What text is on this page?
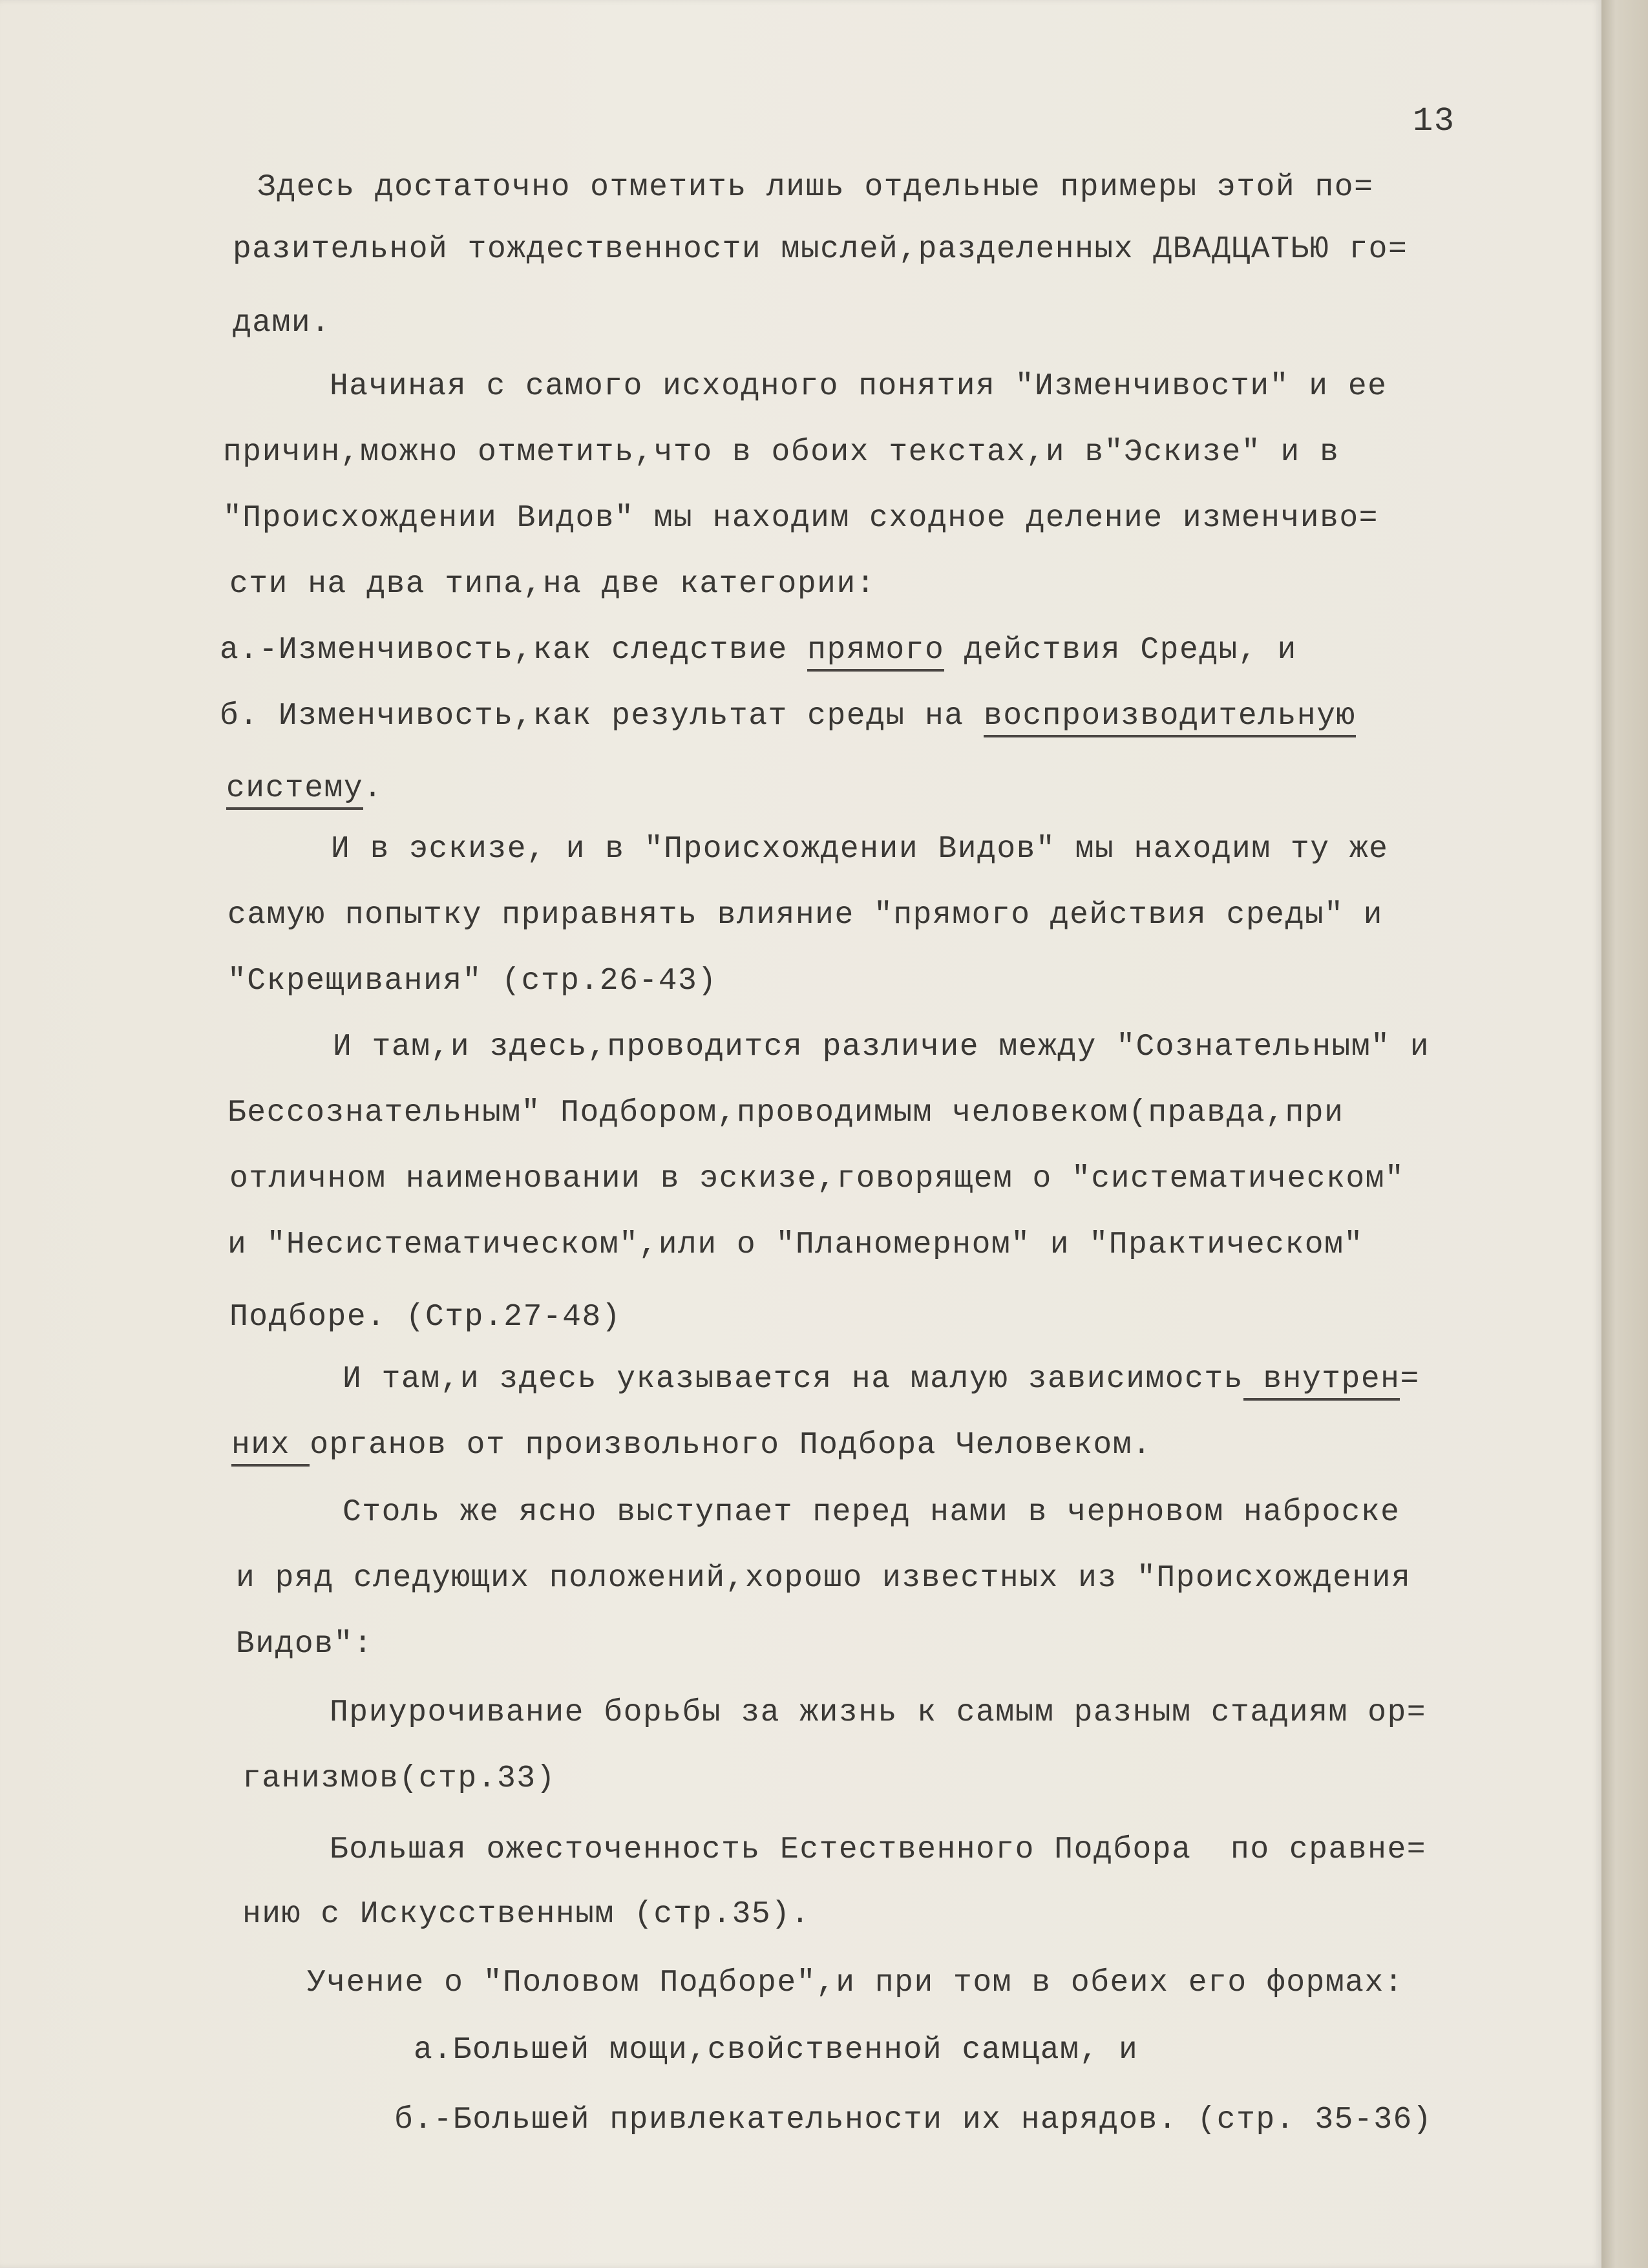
13
Здесь достаточно отметить лишь отдельные примеры этой по=
разительной тождественности мыслей,разделенных ДВАДЦАТЬЮ го=
дами.
Начиная с самого исходного понятия "Изменчивости" и ее
причин,можно отметить,что в обоих текстах,и в"Эскизе" и в
"Происхождении Видов" мы находим сходное деление изменчиво=
сти на два типа,на две категории:
а.-Изменчивость,как следствие прямого действия Среды, и
б. Изменчивость,как результат среды на воспроизводительную
систему.
И в эскизе, и в "Происхождении Видов" мы находим ту же
самую попытку приравнять влияние "прямого действия среды" и
"Скрещивания" (стр.26-43)
И там,и здесь,проводится различие между "Сознательным" и
Бессознательным" Подбором,проводимым человеком(правда,при
отличном наименовании в эскизе,говорящем о "систематическом"
и "Несистематическом",или о "Планомерном" и "Практическом"
Подборе. (Стр.27-48)
И там,и здесь указывается на малую зависимость внутрен=
них органов от произвольного Подбора Человеком.
Столь же ясно выступает перед нами в черновом наброске
и ряд следующих положений,хорошо известных из "Происхождения
Видов":
Приурочивание борьбы за жизнь к самым разным стадиям ор=
ганизмов(стр.33)
Большая ожесточенность Естественного Подбора  по сравне=
нию с Искусственным (стр.35).
Учение о "Половом Подборе",и при том в обеих его формах:
а.Большей мощи,свойственной самцам, и
б.-Большей привлекательности их нарядов. (стр. 35-36)
